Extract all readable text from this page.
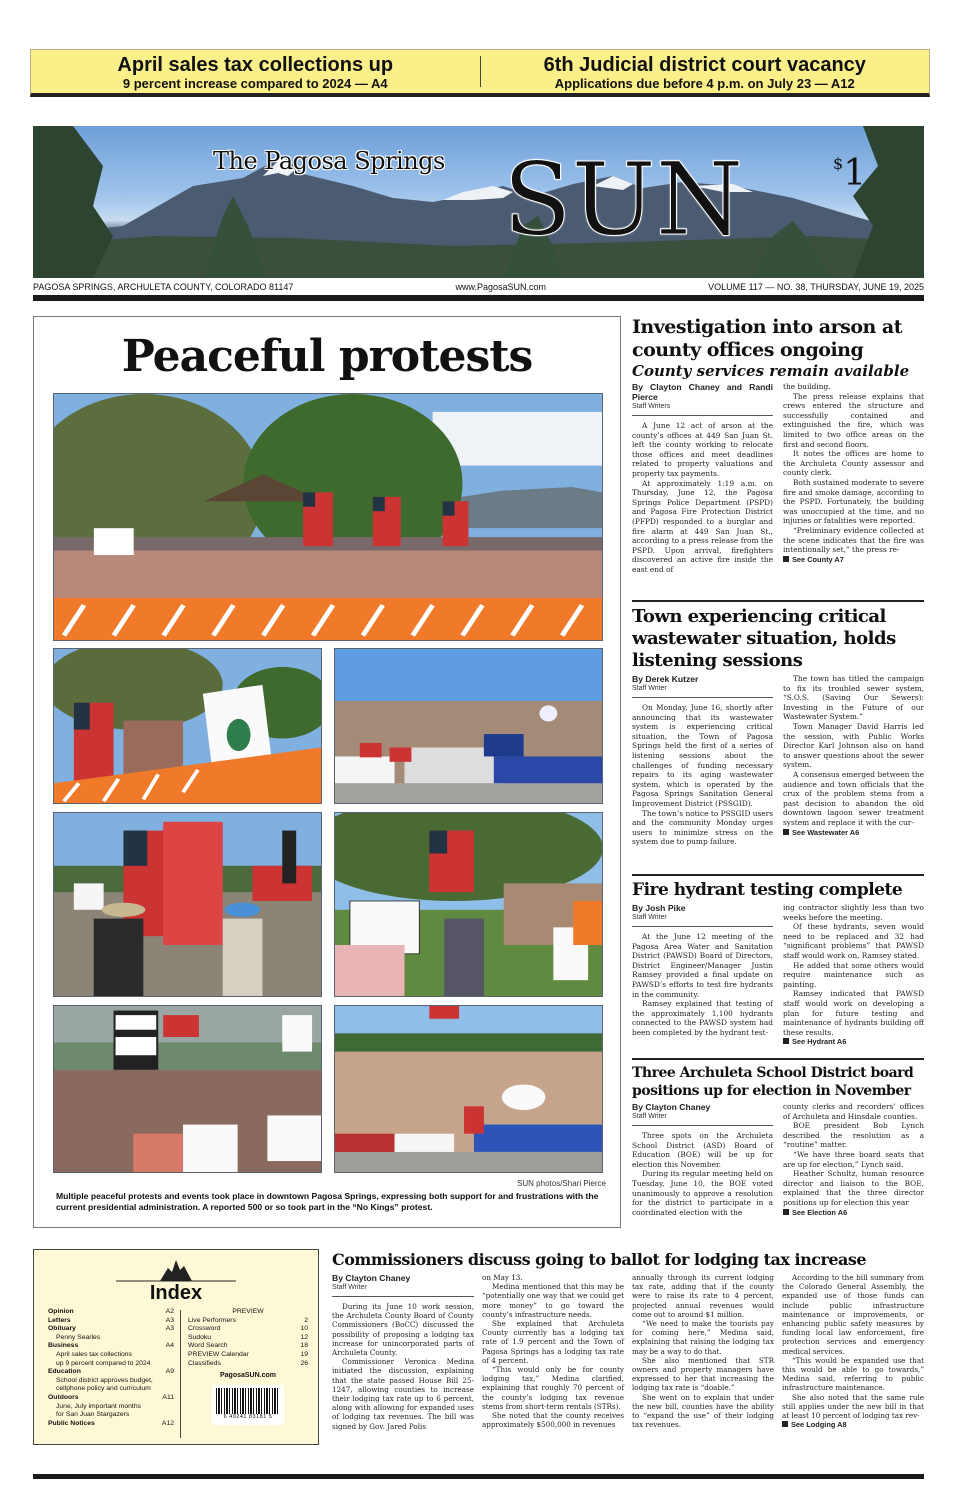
April sales tax collections up
9 percent increase compared to 2024 — A4
6th Judicial district court vacancy
Applications due before 4 p.m. on July 23 — A12
The Pagosa Springs SUN	$1
PAGOSA SPRINGS, ARCHULETA COUNTY, COLORADO 81147	www.PagosaSUN.com	VOLUME 117 — NO. 38, THURSDAY, JUNE 19, 2025
Peaceful protests
SUN photos/Shari Pierce
Multiple peaceful protests and events took place in downtown Pagosa Springs, expressing both support for and frustrations with the current presidential administration. A reported 500 or so took part in the “No Kings” protest.
Investigation into arson at county offices ongoing
County services remain available
By Clayton Chaney and Randi Pierce
Staff Writers

A June 12 act of arson at the county’s offices at 449 San Juan St. left the county working to relocate those offices and meet deadlines related to property valuations and property tax payments.

At approximately 1:19 a.m. on Thursday, June 12, the Pagosa Springs Police Department (PSPD) and Pagosa Fire Protection District (PFPD) responded to a burglar and fire alarm at 449 San Juan St., according to a press release from the PSPD. Upon arrival, firefighters discovered an active fire inside the east end of

the building.

The press release explains that crews entered the structure and successfully contained and extinguished the fire, which was limited to two office areas on the first and second floors.

It notes the offices are home to the Archuleta County assessor and county clerk.

Both sustained moderate to severe fire and smoke damage, according to the PSPD. Fortunately, the building was unoccupied at the time, and no injuries or fatalities were reported.

“Preliminary evidence collected at the scene indicates that the fire was intentionally set,” the press re-

See County A7
Town experiencing critical wastewater situation, holds listening sessions
By Derek Kutzer
Staff Writer

On Monday, June 16, shortly after announcing that its wastewater system is experiencing critical situation, the Town of Pagosa Springs held the first of a series of listening sessions about the challenges of funding necessary repairs to its aging wastewater system, which is operated by the Pagosa Springs Sanitation General Improvement District (PSSGID).

The town’s notice to PSSGID users and the community Monday urges users to minimize stress on the system due to pump failure.

The town has titled the campaign to fix its troubled sewer system, “S.O.S. (Saving Our Sewers): Investing in the Future of our Wastewater System.”

Town Manager David Harris led the session, with Public Works Director Karl Johnson also on hand to answer questions about the sewer system.

A consensus emerged between the audience and town officials that the crux of the problem stems from a past decision to abandon the old downtown lagoon sewer treatment system and replace it with the cur-

See Wastewater A6
Fire hydrant testing complete
By Josh Pike
Staff Writer

At the June 12 meeting of the Pagosa Area Water and Sanitation District (PAWSD) Board of Directors, District Engineer/Manager Justin Ramsey provided a final update on PAWSD’s efforts to test fire hydrants in the community.

Ramsey explained that testing of the approximately 1,100 hydrants connected to the PAWSD system had been completed by the hydrant test-

ing contractor slightly less than two weeks before the meeting.

Of these hydrants, seven would need to be replaced and 32 had “significant problems” that PAWSD staff would work on, Ramsey stated.

He added that some others would require maintenance such as painting.

Ramsey indicated that PAWSD staff would work on developing a plan for future testing and maintenance of hydrants building off these results.

See Hydrant A6
Three Archuleta School District board positions up for election in November
By Clayton Chaney
Staff Writer

Three spots on the Archuleta School District (ASD) Board of Education (BOE) will be up for election this November.

During its regular meeting held on Tuesday, June 10, the BOE voted unanimously to approve a resolution for the district to participate in a coordinated election with the

county clerks and recorders’ offices of Archuleta and Hinsdale counties.

BOE president Bob Lynch described the resolution as a “routine” matter.

“We have three board seats that are up for election,” Lynch said.

Heather Schultz, human resource director and liaison to the BOE, explained that the three director positions up for election this year

See Election A6
Index
Opinion	A2
Letters	A3
Obituary	A3
Penny Searles
Business	A4
April sales tax collections
up 9 percent compared to 2024
Education	A9
School district approves budget,
cellphone policy and curriculum
Outdoors	A11
June, July important months
for San Juan Stargazers
Public Notices	A12
PREVIEW
Live Performers	2
Crossword	10
Sudoku	12
Word Search	18
PREVIEW Calendar	19
Classifieds	26
PagosaSUN.com
6 49241 83181 5
Commissioners discuss going to ballot for lodging tax increase
By Clayton Chaney
Staff Writer

During its June 10 work session, the Archuleta County Board of County Commissioners (BoCC) discussed the possibility of proposing a lodging tax increase for unincorporated parts of Archuleta County.

Commissioner Veronica Medina initiated the discussion, explaining that the state passed House Bill 25-1247, allowing counties to increase their lodging tax rate up to 6 percent, along with allowing for expanded uses of lodging tax revenues. The bill was signed by Gov. Jared Polis

on May 13.

Medina mentioned that this may be “potentially one way that we could get more money” to go toward the county’s infrastructure needs.

She explained that Archuleta County currently has a lodging tax rate of 1.9 percent and the Town of Pagosa Springs has a lodging tax rate of 4 percent.

“This would only be for county lodging tax,” Medina clarified, explaining that roughly 70 percent of the county’s lodging tax revenue stems from short-term rentals (STRs).

She noted that the county receives approximately $500,000 in revenues

annually through its current lodging tax rate, adding that if the county were to raise its rate to 4 percent, projected annual revenues would come out to around $1 million.

“We need to make the tourists pay for coming here,” Medina said, explaining that raising the lodging tax may be a way to do that.

She also mentioned that STR owners and property managers have expressed to her that increasing the lodging tax rate is “doable.”

She went on to explain that under the new bill, counties have the ability to “expand the use” of their lodging tax revenues.

According to the bill summary from the Colorado General Assembly, the expanded use of those funds can include public infrastructure maintenance or improvements, or enhancing public safety measures by funding local law enforcement, fire protection services and emergency medical services.

“This would be expanded use that this would be able to go towards,” Medina said, referring to public infrastructure maintenance.

She also noted that the same rule still applies under the new bill in that at least 10 percent of lodging tax rev-

See Lodging A8
